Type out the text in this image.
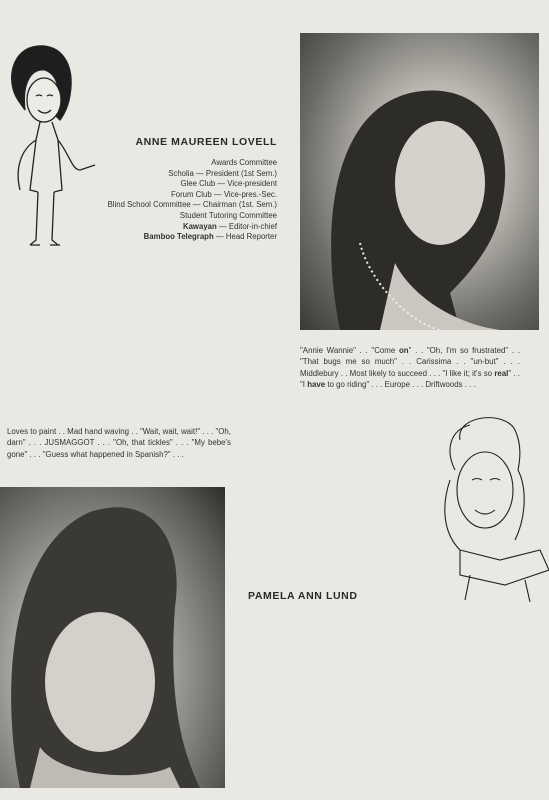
ANNE MAUREEN LOVELL
Awards Committee
Scholia — President (1st Sem.)
Glee Club — Vice-president
Forum Club — Vice-pres.-Sec.
Blind School Committee — Chairman (1st. Sem.)
Student Tutoring Committee
Kawayan — Editor-in-chief
Bamboo Telegraph — Head Reporter
"Annie Wannie" . . "Come on" . . "Oh, I'm so frustrated" . . "That bugs me so much" . . Carissima . . "un-but" . . . Middlebury . . Most likely to succeed . . . "I like it; it's so real" . . "I have to go riding" . . . Europe . . . Driftwoods . . .
Loves to paint . . Mad hand waving . . "Wait, wait, wait!" . . . "Oh, darn" . . . JUSMAGGOT . . . "Oh, that tickles" . . . "My bebe's gone" . . . "Guess what happened in Spanish?" . . .
PAMELA ANN LUND
